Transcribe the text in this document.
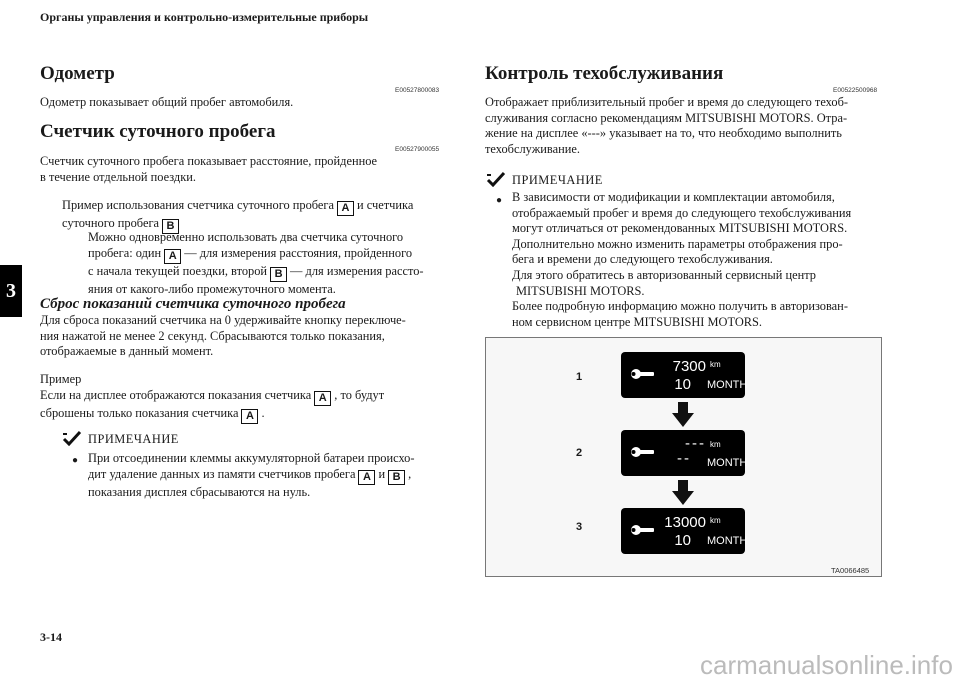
Органы управления и контрольно-измерительные приборы
3
Одометр
E00527800083
Одометр показывает общий пробег автомобиля.
Счетчик суточного пробега
E00527900055
Счетчик суточного пробега показывает расстояние, пройденное
в течение отдельной поездки.
Пример использования счетчика суточного пробега A и счетчика
суточного пробега B
Можно одновременно использовать два счетчика суточного
пробега: один A — для измерения расстояния, пройденного
с начала текущей поездки, второй B — для измерения рассто-
яния от какого-либо промежуточного момента.
Сброс показаний счетчика суточного пробега
Для сброса показаний счетчика на 0 удерживайте кнопку переключе-
ния нажатой не менее 2 секунд. Сбрасываются только показания,
отображаемые в данный момент.
Пример
Если на дисплее отображаются показания счетчика A , то будут
сброшены только показания счетчика A .
ПРИМЕЧАНИЕ
● При отсоединении клеммы аккумуляторной батареи происхо-
дит удаление данных из памяти счетчиков пробега A и B ,
показания дисплея сбрасываются на нуль.
Контроль техобслуживания
E00522500968
Отображает приблизительный пробег и время до следующего техоб-
служивания согласно рекомендациям MITSUBISHI MOTORS. Отра-
жение на дисплее «---» указывает на то, что необходимо выполнить
техобслуживание.
ПРИМЕЧАНИЕ
● В зависимости от модификации и комплектации автомобиля,
отображаемый пробег и время до следующего техобслуживания
могут отличаться от рекомендованных MITSUBISHI MOTORS.
Дополнительно можно изменить параметры отображения про-
бега и времени до следующего техобслуживания.
Для этого обратитесь в авторизованный сервисный центр
MITSUBISHI MOTORS.
Более подробную информацию можно получить в авторизован-
ном сервисном центре MITSUBISHI MOTORS.
1
7300
10
km
MONTH
2
---
--
km
MONTH
3	13000
10
km
MONTH
TA0066485
3-14
carmanualsonline.info
